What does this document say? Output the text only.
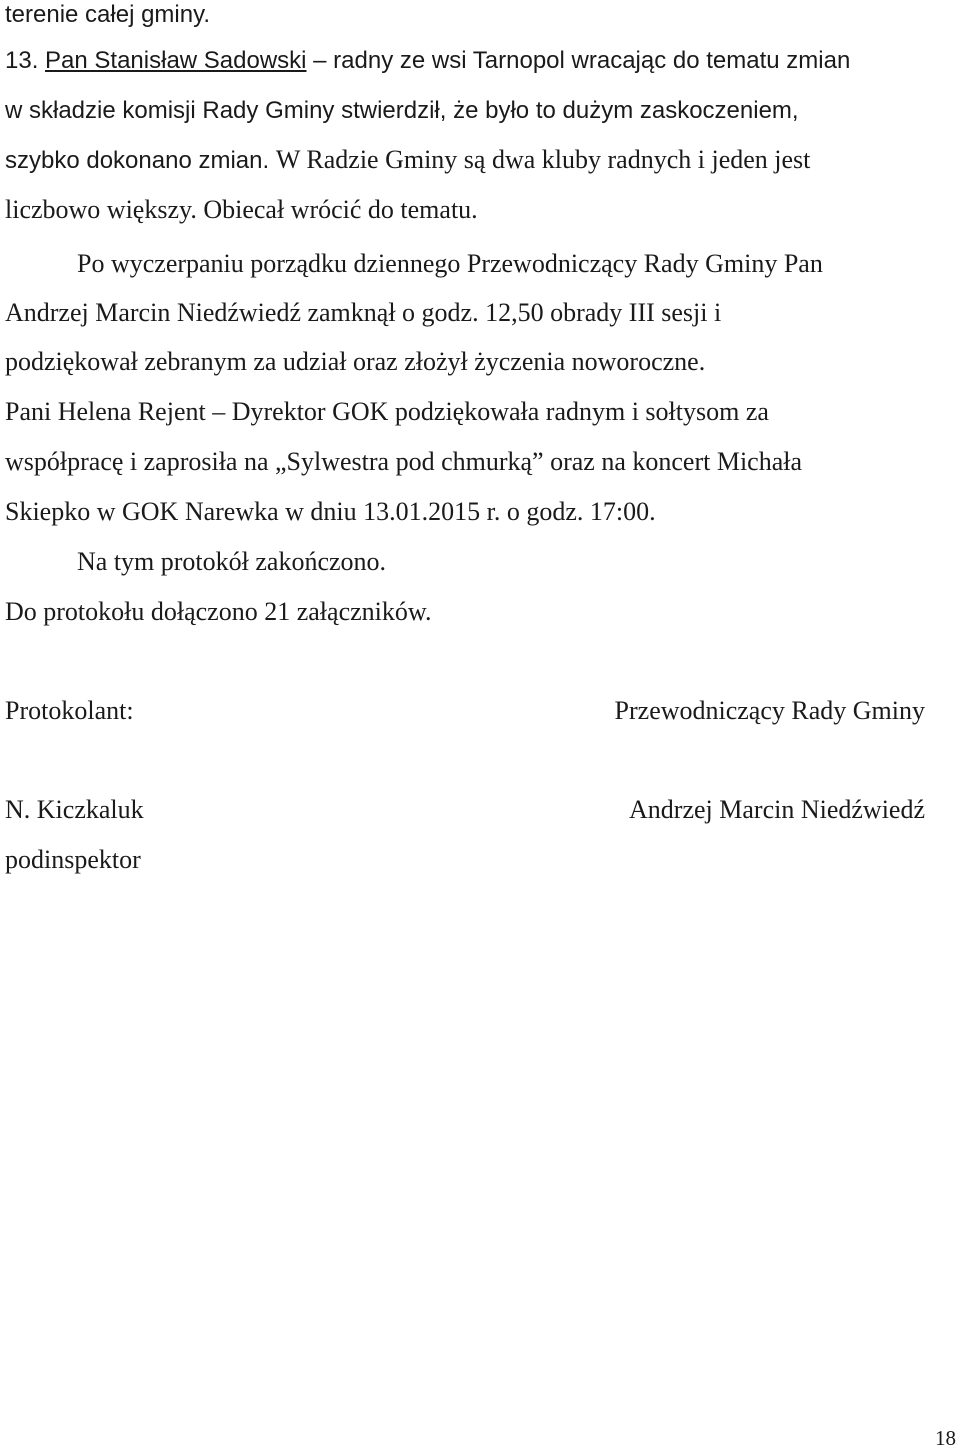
terenie całej gminy.
13. Pan Stanisław Sadowski – radny ze wsi Tarnopol wracając do tematu zmian
w składzie komisji Rady Gminy stwierdził, że było to dużym zaskoczeniem,
szybko dokonano zmian. W Radzie Gminy są dwa kluby radnych i jeden jest
liczbowo większy. Obiecał wrócić do tematu.
Po wyczerpaniu porządku dziennego Przewodniczący Rady Gminy Pan
Andrzej Marcin Niedźwiedź zamknął o godz. 12,50 obrady III sesji i
podziękował zebranym za udział oraz złożył życzenia noworoczne.
Pani Helena Rejent – Dyrektor GOK podziękowała radnym i sołtysom za
współpracę i zaprosiła na „Sylwestra pod chmurką” oraz na koncert Michała
Skiepko w GOK Narewka w dniu 13.01.2015 r. o godz. 17:00.
Na tym protokół zakończono.
Do protokołu dołączono 21 załączników.
Protokolant:	Przewodniczący Rady Gminy
N. Kiczkaluk	Andrzej Marcin Niedźwiedź
podinspektor
18
